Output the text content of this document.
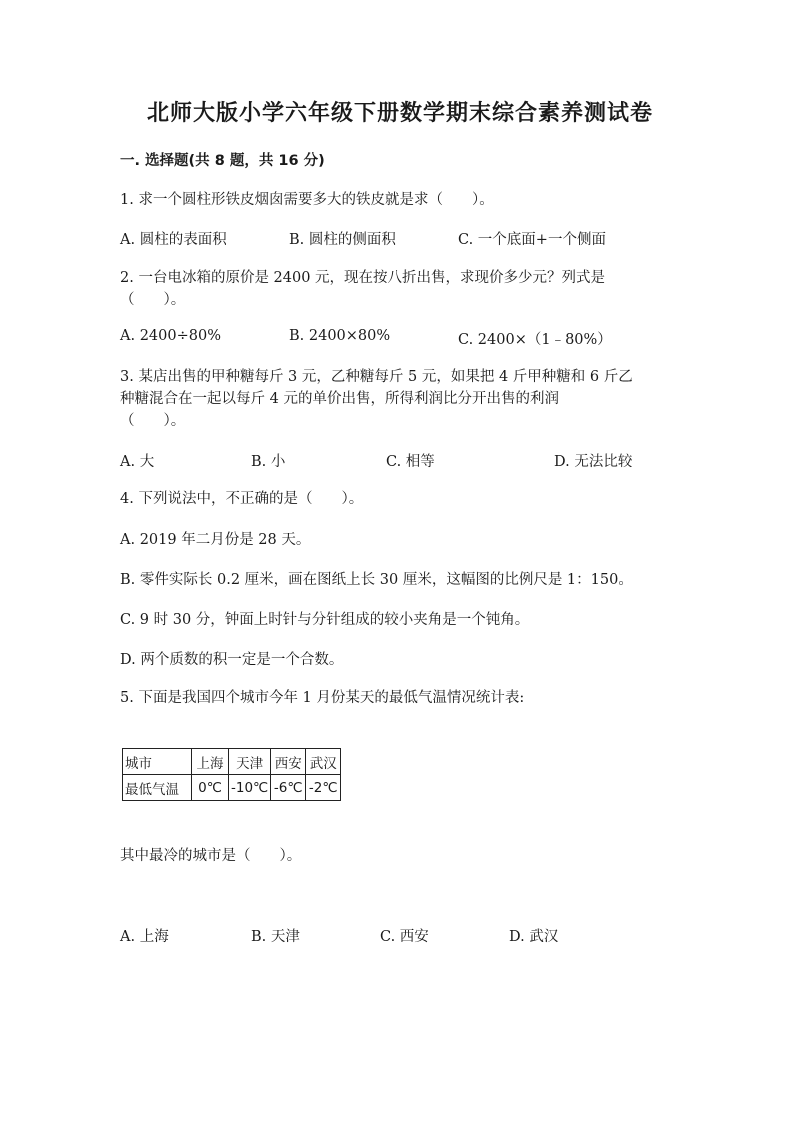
北师大版小学六年级下册数学期末综合素养测试卷
一. 选择题(共 8 题，共 16 分)
1. 求一个圆柱形铁皮烟囱需要多大的铁皮就是求（　　）。
A. 圆柱的表面积	B. 圆柱的侧面积	C. 一个底面+一个侧面
2. 一台电冰箱的原价是 2400 元，现在按八折出售，求现价多少元？列式是
（　　）。
A. 2400÷80%	B. 2400×80%	C. 2400×（1﹣80%）
3. 某店出售的甲种糖每斤 3 元，乙种糖每斤 5 元，如果把 4 斤甲种糖和 6 斤乙
种糖混合在一起以每斤 4 元的单价出售，所得利润比分开出售的利润
（　　）。
A. 大	B. 小	C. 相等	D. 无法比较
4. 下列说法中，不正确的是（　　）。
A. 2019 年二月份是 28 天。
B. 零件实际长 0.2 厘米，画在图纸上长 30 厘米，这幅图的比例尺是 1：150。
C. 9 时 30 分，钟面上时针与分针组成的较小夹角是一个钝角。
D. 两个质数的积一定是一个合数。
5. 下面是我国四个城市今年 1 月份某天的最低气温情况统计表:
城市	上海	天津	西安	武汉
最低气温	0℃	-10℃	-6℃	-2℃
其中最冷的城市是（　　）。
A. 上海	B. 天津	C. 西安	D. 武汉
